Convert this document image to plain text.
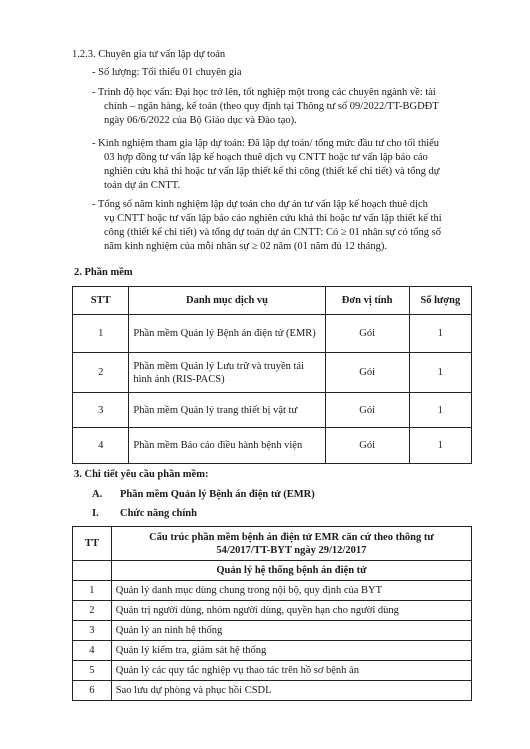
1.2.3. Chuyên gia tư vấn lập dự toán
- Số lượng: Tối thiểu 01 chuyên gia
- Trình độ học vấn: Đại học trở lên, tốt nghiệp một trong các chuyên ngành về: tài
chính – ngân hàng, kế toán (theo quy định tại Thông tư số 09/2022/TT-BGDĐT
ngày 06/6/2022 của Bộ Giáo dục và Đào tạo).
- Kinh nghiệm tham gia lập dự toán: Đã lập dự toán/ tổng mức đầu tư cho tối thiểu
03 hợp đồng tư vấn lập kế hoạch thuê dịch vụ CNTT hoặc tư vấn lập báo cáo
nghiên cứu khả thi hoặc tư vấn lập thiết kế thi công (thiết kế chi tiết) và tổng dự
toán dự án CNTT.
- Tổng số năm kinh nghiệm lập dự toán cho dự án tư vấn lập kế hoạch thuê dịch
vụ CNTT hoặc tư vấn lập báo cáo nghiên cứu khả thi hoặc tư vấn lập thiết kế thi
công (thiết kế chi tiết) và tổng dự toán dự án CNTT: Có ≥ 01 nhân sự có tổng số
năm kinh nghiệm của mỗi nhân sự ≥ 02 năm (01 năm đủ 12 tháng).
2. Phần mềm
STT	Danh mục dịch vụ	Đơn vị tính	Số lượng
1	Phần mềm Quản lý Bệnh án điện tử (EMR)	Gói	1
2	Phần mềm Quản lý Lưu trữ và truyền tải
hình ảnh (RIS-PACS)	Gói	1
3	Phần mềm Quản lý trang thiết bị vật tư	Gói	1
4	Phần mềm Báo cáo điều hành bệnh viện	Gói	1
3. Chi tiết yêu cầu phần mềm:
A. Phần mềm Quản lý Bệnh án điện tử (EMR)
I. Chức năng chính
TT	Cấu trúc phần mềm bệnh án điện tử EMR căn cứ theo thông tư
54/2017/TT-BYT ngày 29/12/2017

	Quản lý hệ thống bệnh án điện tử
1	Quản lý danh mục dùng chung trong nội bộ, quy định của BYT
2	Quản trị người dùng, nhóm người dùng, quyền hạn cho người dùng
3	Quản lý an ninh hệ thống
4	Quản lý kiểm tra, giám sát hệ thống
5	Quản lý các quy tắc nghiệp vụ thao tác trên hồ sơ bệnh án
6	Sao lưu dự phòng và phục hồi CSDL
